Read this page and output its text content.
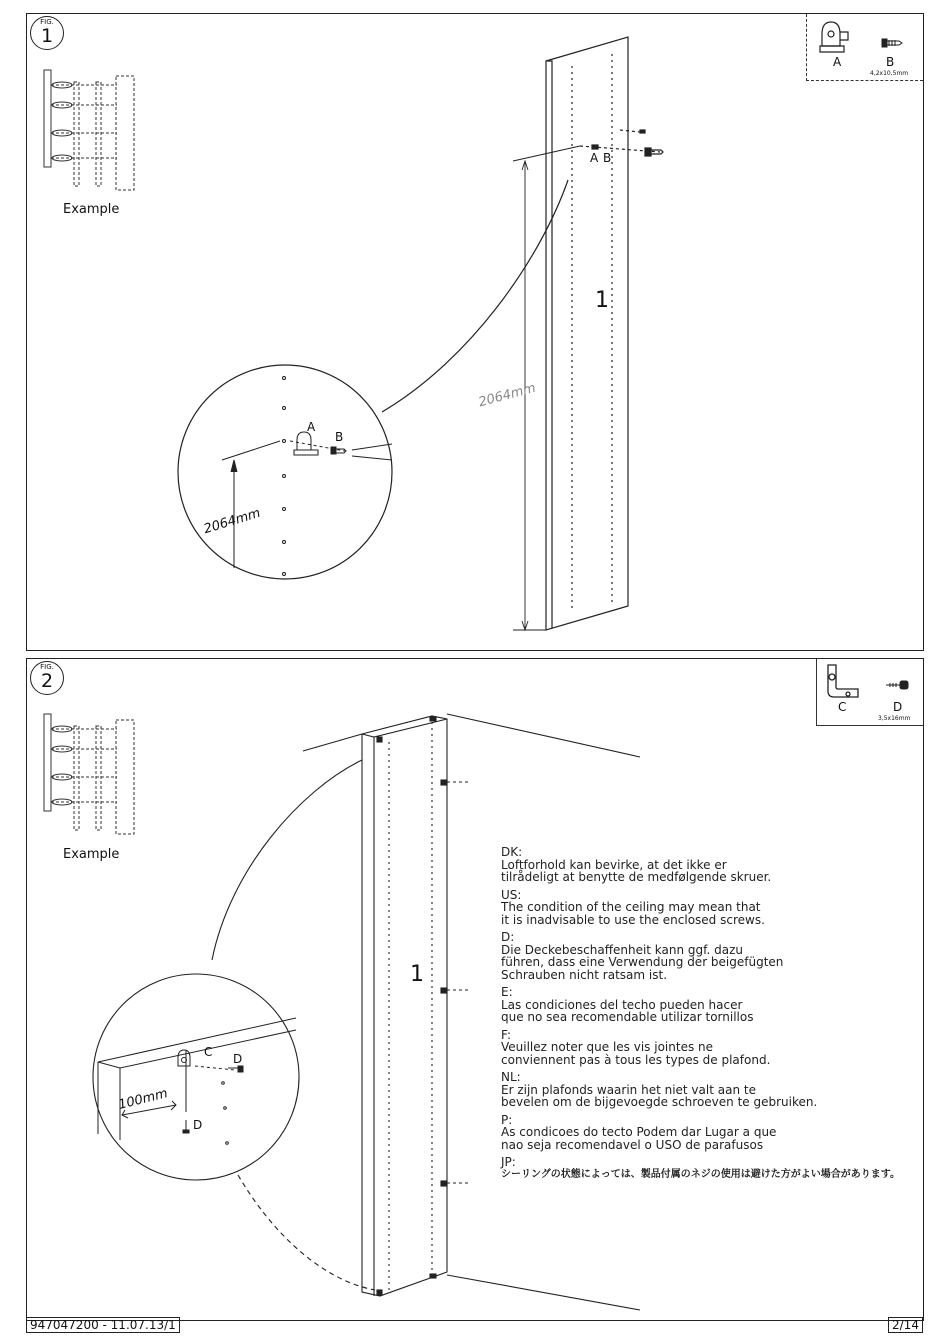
FIG.
1
A	B
4,2x10,5mm
Example
2064mm
2064mm
A
B
A B
1
FIG.
2
C	D
3,5x16mm
Example
100mm
C D
D
1
DK:
Loftforhold kan bevirke, at det ikke er
tilrådeligt at benytte de medfølgende skruer.
US:
The condition of the ceiling may mean that
it is inadvisable to use the enclosed screws.
D:
Die Deckebeschaffenheit kann ggf. dazu
führen, dass eine Verwendung der beigefügten
Schrauben nicht ratsam ist.
E:
Las condiciones del techo pueden hacer
que no sea recomendable utilizar tornillos
F:
Veuillez noter que les vis jointes ne
conviennent pas à tous les types de plafond.
NL:
Er zijn plafonds waarin het niet valt aan te
bevelen om de bijgevoegde schroeven te gebruiken.
P:
As condicoes do tecto Podem dar Lugar a que
nao seja recomendavel o USO de parafusos
JP:
シーリングの状態によっては、製品付属のネジの使用は避けた方がよい場合があります。
947047200 - 11.07.13/1	2/14
